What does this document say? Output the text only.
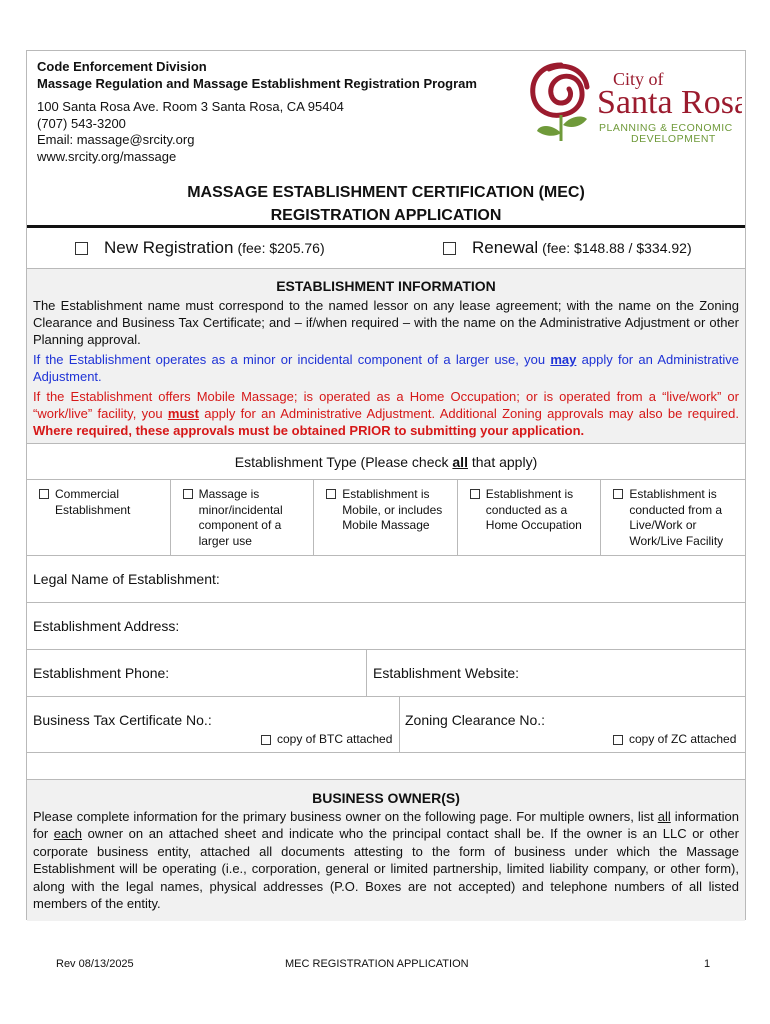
Code Enforcement Division
Massage Regulation and Massage Establishment Registration Program
100 Santa Rosa Ave. Room 3 Santa Rosa, CA 95404
(707) 543-3200
Email: massage@srcity.org
www.srcity.org/massage
City of
Santa Rosa
PLANNING & ECONOMIC
DEVELOPMENT
MASSAGE ESTABLISHMENT CERTIFICATION (MEC)
REGISTRATION APPLICATION
New Registration (fee: $205.76)	Renewal (fee: $148.88 / $334.92)
ESTABLISHMENT INFORMATION

The Establishment name must correspond to the named lessor on any lease agreement; with the name on the Zoning Clearance and Business Tax Certificate; and – if/when required – with the name on the Administrative Adjustment or other Planning approval.

If the Establishment operates as a minor or incidental component of a larger use, you may apply for an Administrative Adjustment.

If the Establishment offers Mobile Massage; is operated as a Home Occupation; or is operated from a “live/work” or “work/live” facility, you must apply for an Administrative Adjustment. Additional Zoning approvals may also be required. Where required, these approvals must be obtained PRIOR to submitting your application.

Establishment Type (Please check all that apply)
Commercial Establishment
Massage is minor/incidental component of a larger use
Establishment is Mobile, or includes Mobile Massage
Establishment is conducted as a Home Occupation
Establishment is conducted from a Live/Work or Work/Live Facility
Legal Name of Establishment:
Establishment Address:
Establishment Phone:	Establishment Website:
Business Tax Certificate No.:	Zoning Clearance No.:
copy of BTC attached	copy of ZC attached
BUSINESS OWNER(S)

Please complete information for the primary business owner on the following page. For multiple owners, list all information for each owner on an attached sheet and indicate who the principal contact shall be. If the owner is an LLC or other corporate business entity, attached all documents attesting to the form of business under which the Massage Establishment will be operating (i.e., corporation, general or limited partnership, limited liability company, or other form), along with the legal names, physical addresses (P.O. Boxes are not accepted) and telephone numbers of all listed members of the entity.

Rev 08/13/2025	MEC REGISTRATION APPLICATION	1
